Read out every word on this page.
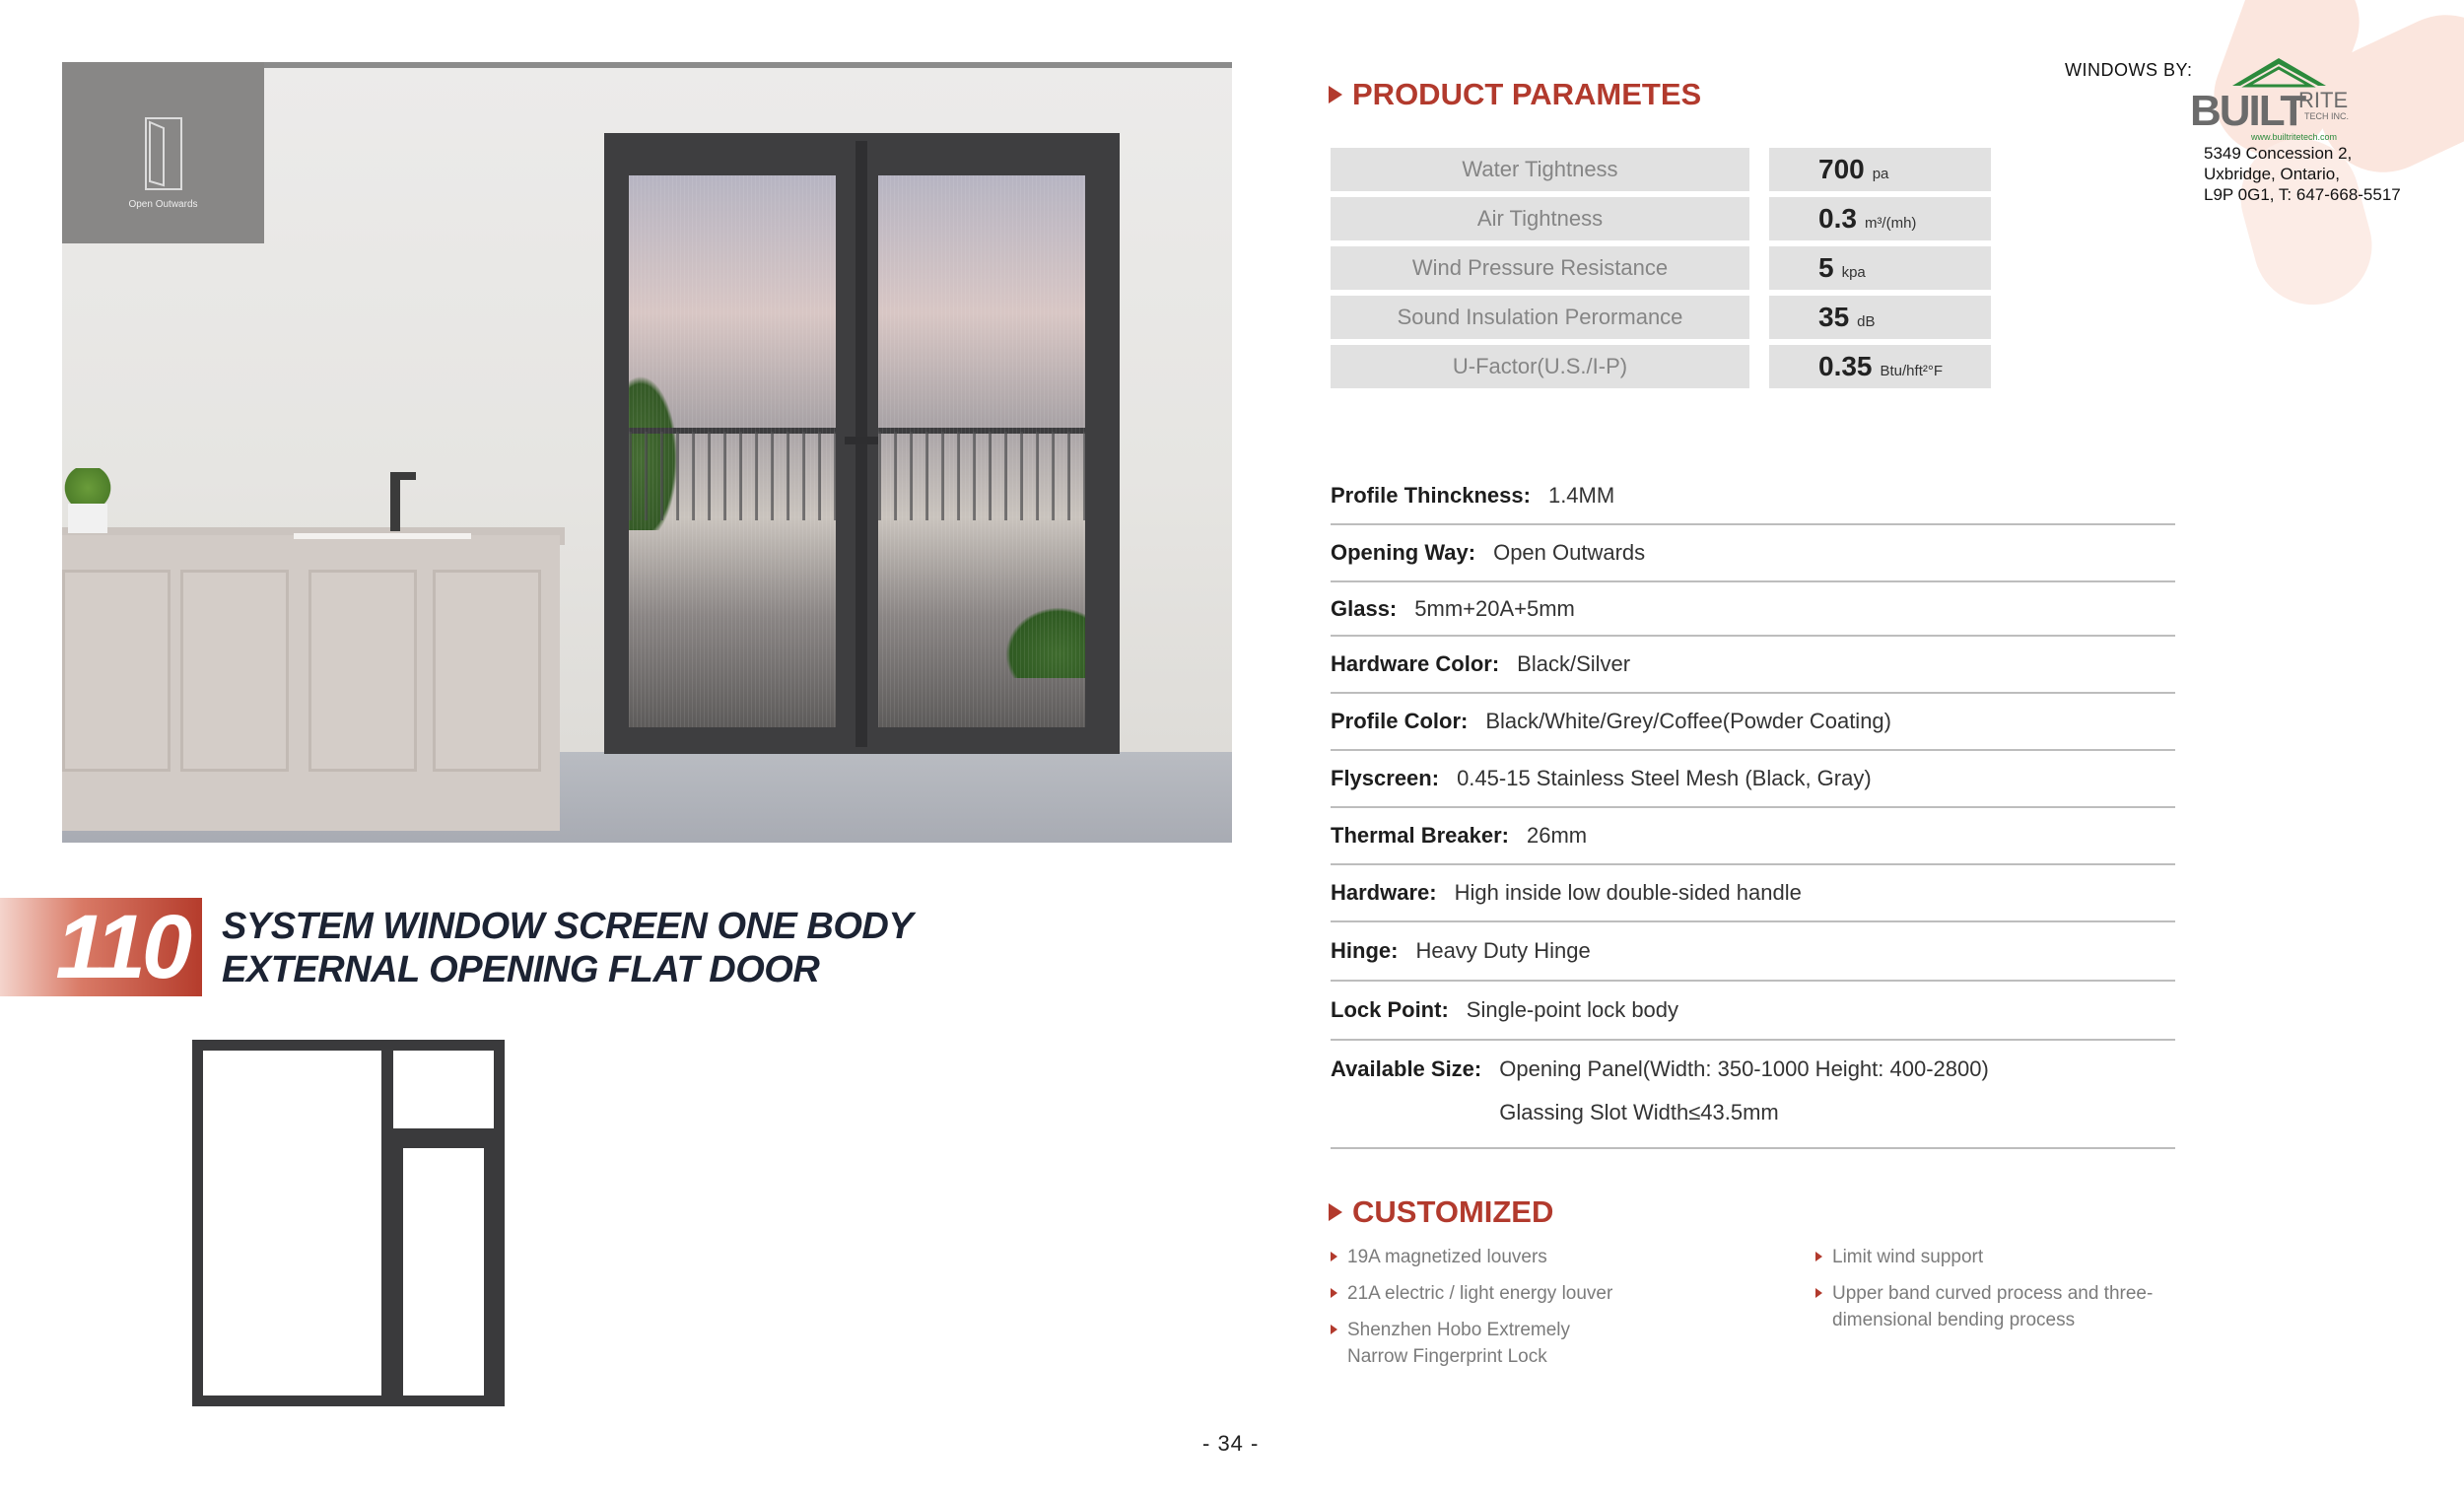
Open Outwards
110 SYSTEM WINDOW SCREEN ONE BODY
EXTERNAL OPENING FLAT DOOR
- 34 -
PRODUCT PARAMETES
Water Tightness	700 pa
Air Tightness	0.3 m³/(mh)
Wind Pressure Resistance	5 kpa
Sound Insulation Perormance	35 dB
U-Factor(U.S./I-P)	0.35 Btu/hft²°F
Profile Thinckness: 1.4MM
Opening Way: Open Outwards
Glass: 5mm+20A+5mm
Hardware Color: Black/Silver
Profile Color: Black/White/Grey/Coffee(Powder Coating)
Flyscreen: 0.45-15 Stainless Steel Mesh (Black, Gray)
Thermal Breaker: 26mm
Hardware: High inside low double-sided handle
Hinge: Heavy Duty Hinge
Lock Point: Single-point lock body
Available Size: Opening Panel(Width: 350-1000 Height: 400-2800)
Glassing Slot Width≤43.5mm
CUSTOMIZED
19A magnetized louvers
21A electric / light energy louver
Shenzhen Hobo Extremely Narrow Fingerprint Lock
Limit wind support
Upper band curved process and three-dimensional bending process
WINDOWS BY:
BUILT
RITE
TECH INC.
www.builtritetech.com
5349 Concession 2,
Uxbridge, Ontario,
L9P 0G1, T: 647-668-5517
